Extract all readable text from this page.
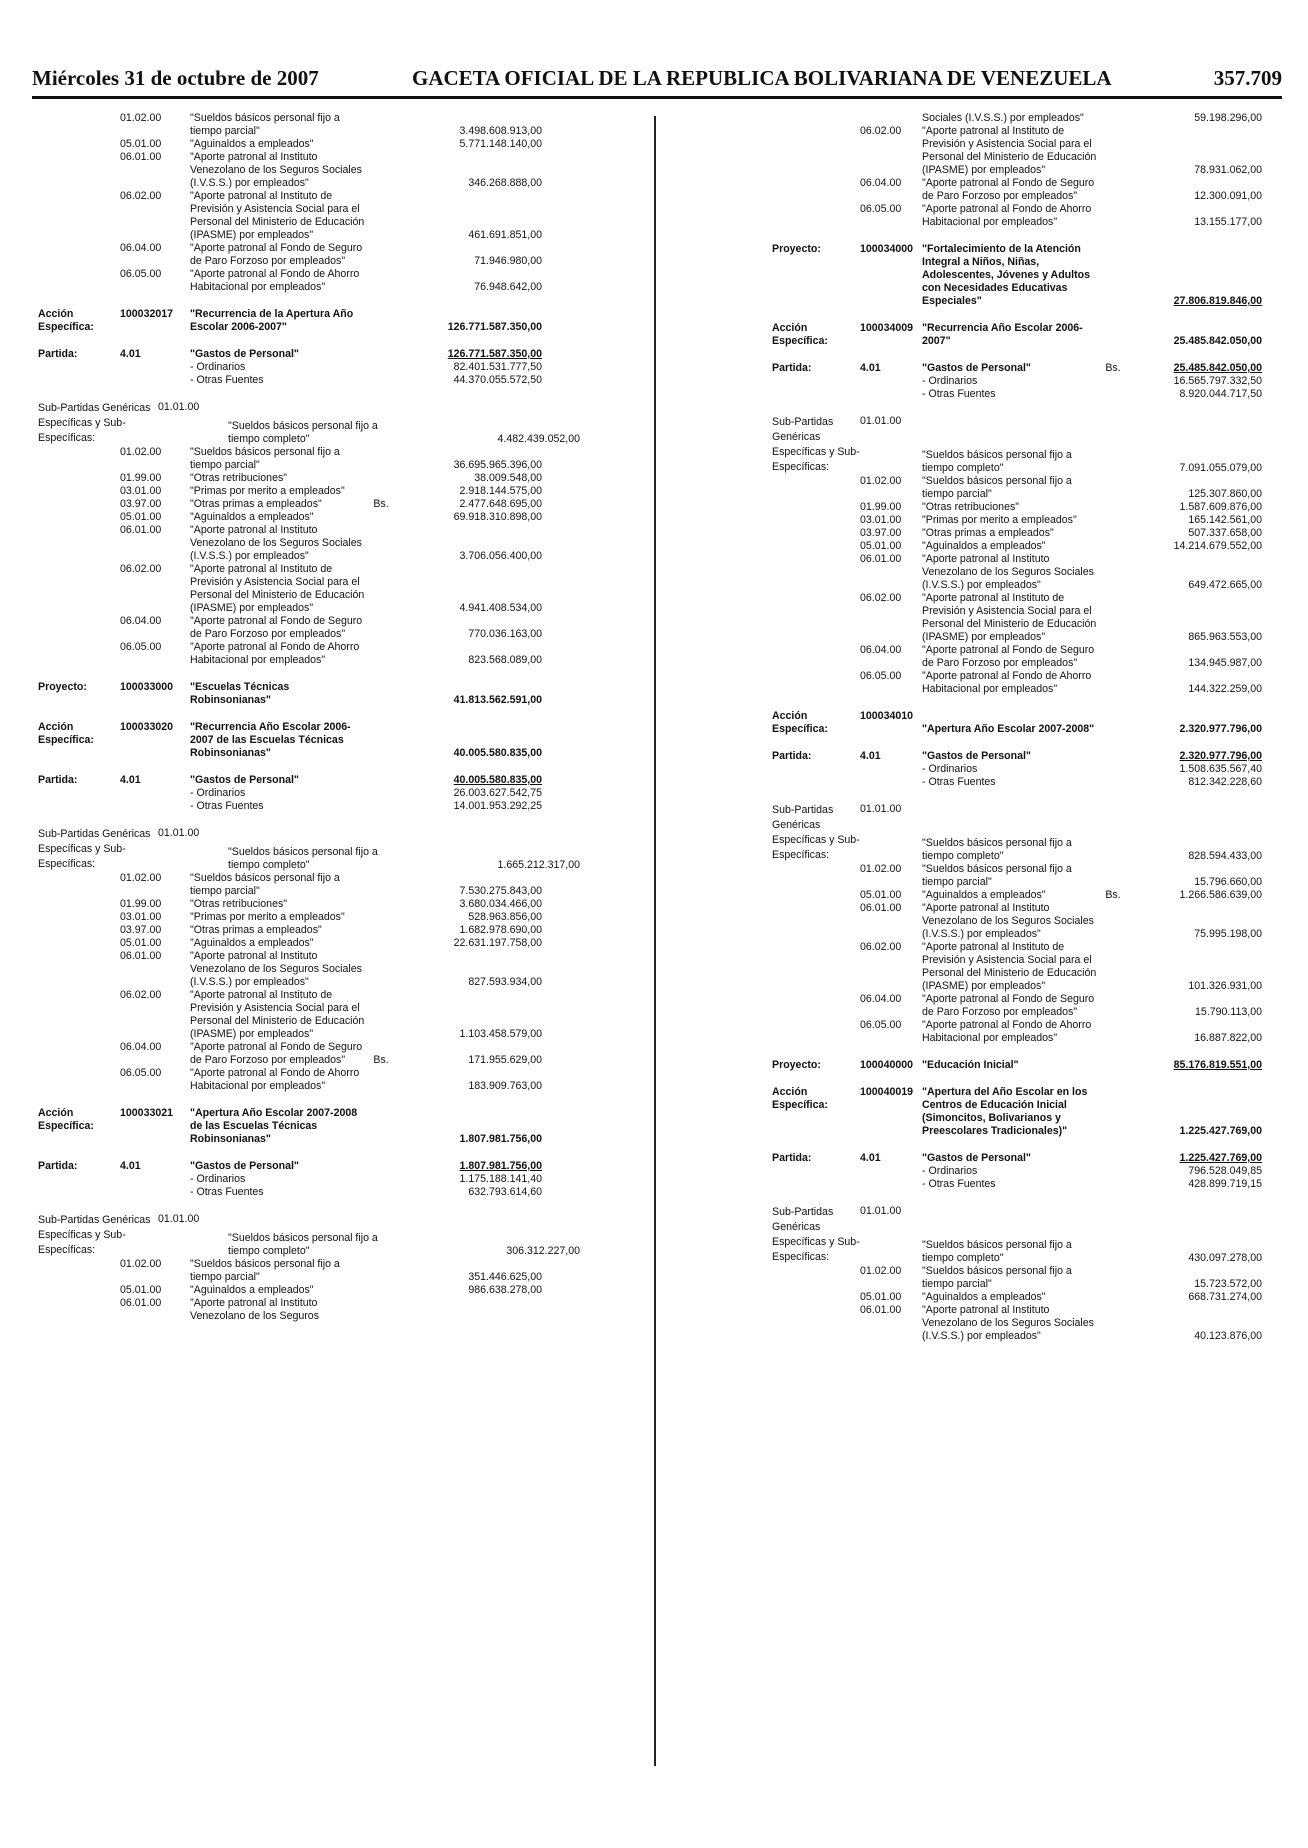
Miércoles 31 de octubre de 2007	GACETA OFICIAL DE LA REPUBLICA BOLIVARIANA DE VENEZUELA	357.709
01.02.00	"Sueldos básicos personal fijo a tiempo parcial"	3.498.608.913,00
05.01.00	"Aguinaldos a empleados"	5.771.148.140,00
06.01.00	"Aporte patronal al Instituto Venezolano de los Seguros Sociales (I.V.S.S.) por empleados"	346.268.888,00
06.02.00	"Aporte patronal al Instituto de Previsión y Asistencia Social para el Personal del Ministerio de Educación (IPASME) por empleados"	461.691.851,00
06.04.00	"Aporte patronal al Fondo de Seguro de Paro Forzoso por empleados"	71.946.980,00
06.05.00	"Aporte patronal al Fondo de Ahorro Habitacional por empleados"	76.948.642,00
Acción Específica:
100032017	"Recurrencia de la Apertura Año Escolar 2006-2007"	126.771.587.350,00
Partida:	4.01	"Gastos de Personal"	126.771.587.350,00
- Ordinarios	82.401.531.777,50
- Otras Fuentes	44.370.055.572,50
Sub-Partidas Genéricas Específicas y Sub-Específicas:
01.01.00
"Sueldos básicos personal fijo a tiempo completo"	4.482.439.052,00
01.02.00	"Sueldos básicos personal fijo a tiempo parcial"	36.695.965.396,00
01.99.00	"Otras retribuciones"	38.009.548,00
03.01.00	"Primas por merito a empleados"	2.918.144.575,00
03.97.00	"Otras primas a empleados"	Bs.	2.477.648.695,00
05.01.00	"Aguinaldos a empleados"	69.918.310.898,00
06.01.00	"Aporte patronal al Instituto Venezolano de los Seguros Sociales (I.V.S.S.) por empleados"	3.706.056.400,00
06.02.00	"Aporte patronal al Instituto de Previsión y Asistencia Social para el Personal del Ministerio de Educación (IPASME) por empleados"	4.941.408.534,00
06.04.00	"Aporte patronal al Fondo de Seguro de Paro Forzoso por empleados"	770.036.163,00
06.05.00	"Aporte patronal al Fondo de Ahorro Habitacional por empleados"	823.568.089,00
Proyecto:	100033000	"Escuelas Técnicas Robinsonianas"	41.813.562.591,00
Acción Específica:
100033020	"Recurrencia Año Escolar 2006-2007 de las Escuelas Técnicas Robinsonianas"	40.005.580.835,00
Partida:	4.01	"Gastos de Personal"	40.005.580.835,00
- Ordinarios	26.003.627.542,75
- Otras Fuentes	14.001.953.292,25
Sub-Partidas Genéricas Específicas y Sub-Específicas:
01.01.00
"Sueldos básicos personal fijo a tiempo completo"	1.665.212.317,00
01.02.00	"Sueldos básicos personal fijo a tiempo parcial"	7.530.275.843,00
01.99.00	"Otras retribuciones"	3.680.034.466,00
03.01.00	"Primas por merito a empleados"	528.963.856,00
03.97.00	"Otras primas a empleados"	1.682.978.690,00
05.01.00	"Aguinaldos a empleados"	22.631.197.758,00
06.01.00	"Aporte patronal al Instituto Venezolano de los Seguros Sociales (I.V.S.S.) por empleados"	827.593.934,00
06.02.00	"Aporte patronal al Instituto de Previsión y Asistencia Social para el Personal del Ministerio de Educación (IPASME) por empleados"	1.103.458.579,00
06.04.00	"Aporte patronal al Fondo de Seguro de Paro Forzoso por empleados"	Bs.	171.955.629,00
06.05.00	"Aporte patronal al Fondo de Ahorro Habitacional por empleados"	183.909.763,00
Acción Específica:
100033021	"Apertura Año Escolar 2007-2008 de las Escuelas Técnicas Robinsonianas"	1.807.981.756,00
Partida:	4.01	"Gastos de Personal"	1.807.981.756,00
- Ordinarios	1.175.188.141,40
- Otras Fuentes	632.793.614,60
Sub-Partidas Genéricas Específicas y Sub-Específicas:
01.01.00
"Sueldos básicos personal fijo a tiempo completo"	306.312.227,00
01.02.00	"Sueldos básicos personal fijo a tiempo parcial"	351.446.625,00
05.01.00	"Aguinaldos a empleados"	986.638.278,00
06.01.00	"Aporte patronal al Instituto Venezolano de los Seguros
Sociales (I.V.S.S.) por empleados"	59.198.296,00
06.02.00	"Aporte patronal al Instituto de Previsión y Asistencia Social para el Personal del Ministerio de Educación (IPASME) por empleados"	78.931.062,00
06.04.00	"Aporte patronal al Fondo de Seguro de Paro Forzoso por empleados"	12.300.091,00
06.05.00	"Aporte patronal al Fondo de Ahorro Habitacional por empleados"	13.155.177,00
Proyecto:	100034000 "Fortalecimiento de la Atención Integral a Niños, Niñas, Adolescentes, Jóvenes y Adultos con Necesidades Educativas Especiales"	27.806.819.846,00
Acción Específica:
100034009 "Recurrencia Año Escolar 2006-2007"	25.485.842.050,00
Partida:	4.01	"Gastos de Personal"	Bs.	25.485.842.050,00
- Ordinarios	16.565.797.332,50
- Otras Fuentes	8.920.044.717,50
Sub-Partidas Genéricas Específicas y Sub-Específicas:
01.01.00
"Sueldos básicos personal fijo a tiempo completo"	7.091.055.079,00
01.02.00	"Sueldos básicos personal fijo a tiempo parcial"	125.307.860,00
01.99.00	"Otras retribuciones"	1.587.609.876,00
03.01.00	"Primas por merito a empleados"	165.142.561,00
03.97.00	"Otras primas a empleados"	507.337.658,00
05.01.00	"Aguinaldos a empleados"	14.214.679.552,00
06.01.00	"Aporte patronal al Instituto Venezolano de los Seguros Sociales (I.V.S.S.) por empleados"	649.472.665,00
06.02.00	"Aporte patronal al Instituto de Previsión y Asistencia Social para el Personal del Ministerio de Educación (IPASME) por empleados"	865.963.553,00
06.04.00	"Aporte patronal al Fondo de Seguro de Paro Forzoso por empleados"	134.945.987,00
06.05.00	"Aporte patronal al Fondo de Ahorro Habitacional por empleados"	144.322.259,00
Acción Específica:
100034010
"Apertura Año Escolar 2007-2008"	2.320.977.796,00
Partida:	4.01	"Gastos de Personal"	2.320.977.796,00
- Ordinarios	1.508.635.567,40
- Otras Fuentes	812.342.228,60
Sub-Partidas Genéricas Específicas y Sub-Específicas:
01.01.00
"Sueldos básicos personal fijo a tiempo completo"	828.594.433,00
01.02.00	"Sueldos básicos personal fijo a tiempo parcial"	15.796.660,00
05.01.00	"Aguinaldos a empleados"	Bs.	1.266.586.639,00
06.01.00	"Aporte patronal al Instituto Venezolano de los Seguros Sociales (I.V.S.S.) por empleados"	75.995.198,00
06.02.00	"Aporte patronal al Instituto de Previsión y Asistencia Social para el Personal del Ministerio de Educación (IPASME) por empleados"	101.326.931,00
06.04.00	"Aporte patronal al Fondo de Seguro de Paro Forzoso por empleados"	15.790.113,00
06.05.00	"Aporte patronal al Fondo de Ahorro Habitacional por empleados"	16.887.822,00
Proyecto:	100040000 "Educación Inicial"	85.176.819.551,00
Acción Específica:
100040019 "Apertura del Año Escolar en los Centros de Educación Inicial (Simoncitos, Bolivarianos y Preescolares Tradicionales)"	1.225.427.769,00
Partida:	4.01	"Gastos de Personal"	1.225.427.769,00
- Ordinarios	796.528.049,85
- Otras Fuentes	428.899.719,15
Sub-Partidas Genéricas Específicas y Sub-Específicas:
01.01.00
"Sueldos básicos personal fijo a tiempo completo"	430.097.278,00
01.02.00	"Sueldos básicos personal fijo a tiempo parcial"	15.723.572,00
05.01.00	"Aguinaldos a empleados"	668.731.274,00
06.01.00	"Aporte patronal al Instituto Venezolano de los Seguros Sociales (I.V.S.S.) por empleados"	40.123.876,00
